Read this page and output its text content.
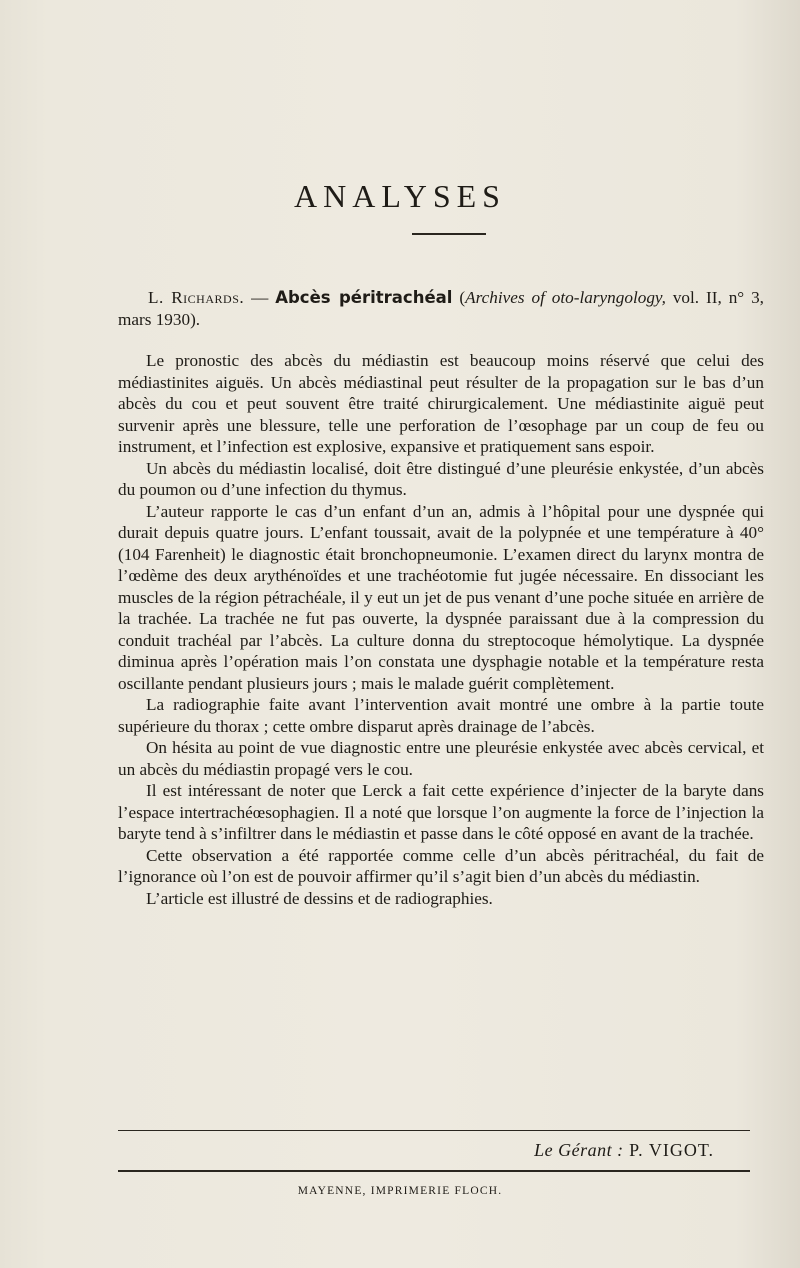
ANALYSES

L. Richards. — Abcès péritrachéal (Archives of oto-laryngology, vol. II, n° 3, mars 1930).

Le pronostic des abcès du médiastin est beaucoup moins réservé que celui des médiastinites aiguës. Un abcès médiastinal peut résulter de la propagation sur le bas d’un abcès du cou et peut souvent être traité chirurgicalement. Une médiastinite aiguë peut survenir après une blessure, telle une perforation de l’œsophage par un coup de feu ou instrument, et l’infection est explosive, expansive et pratiquement sans espoir.

Un abcès du médiastin localisé, doit être distingué d’une pleurésie enkystée, d’un abcès du poumon ou d’une infection du thymus.

L’auteur rapporte le cas d’un enfant d’un an, admis à l’hôpital pour une dyspnée qui durait depuis quatre jours. L’enfant toussait, avait de la polypnée et une température à 40° (104 Farenheit) le diagnostic était bronchopneumonie. L’examen direct du larynx montra de l’œdème des deux arythénoïdes et une trachéotomie fut jugée nécessaire. En dissociant les muscles de la région pétrachéale, il y eut un jet de pus venant d’une poche située en arrière de la trachée. La trachée ne fut pas ouverte, la dyspnée paraissant due à la compression du conduit trachéal par l’abcès. La culture donna du streptocoque hémolytique. La dyspnée diminua après l’opération mais l’on constata une dysphagie notable et la température resta oscillante pendant plusieurs jours ; mais le malade guérit complètement.

La radiographie faite avant l’intervention avait montré une ombre à la partie toute supérieure du thorax ; cette ombre disparut après drainage de l’abcès.

On hésita au point de vue diagnostic entre une pleurésie enkystée avec abcès cervical, et un abcès du médiastin propagé vers le cou.

Il est intéressant de noter que Lerck a fait cette expérience d’injecter de la baryte dans l’espace intertrachéœsophagien. Il a noté que lorsque l’on augmente la force de l’injection la baryte tend à s’infiltrer dans le médiastin et passe dans le côté opposé en avant de la trachée.

Cette observation a été rapportée comme celle d’un abcès péritrachéal, du fait de l’ignorance où l’on est de pouvoir affirmer qu’il s’agit bien d’un abcès du médiastin.

L’article est illustré de dessins et de radiographies.

Le Gérant : P. VIGOT.
MAYENNE, IMPRIMERIE FLOCH.
